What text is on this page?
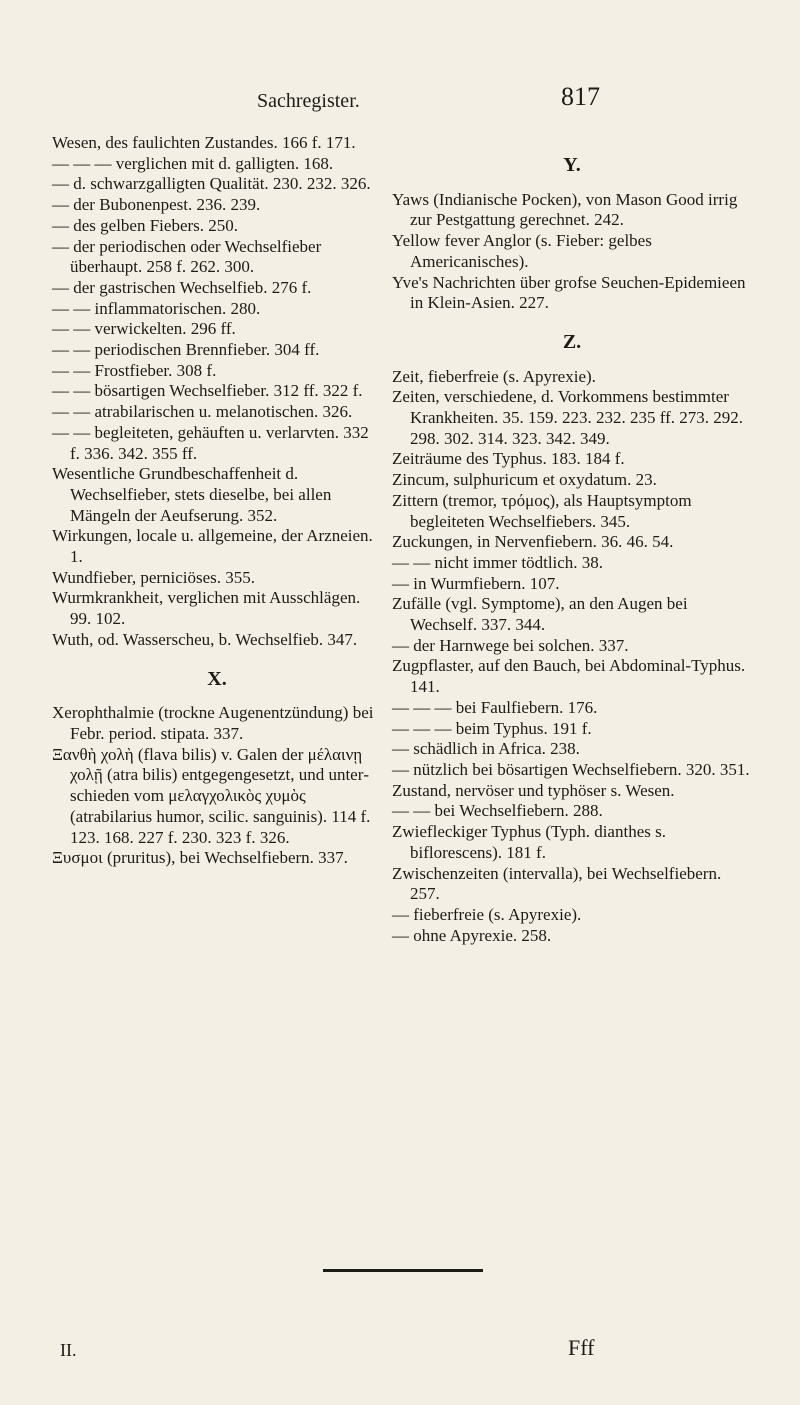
Sachregister.	817
Wesen, des faulichten Zustandes. 166 f. 171.
— — — verglichen mit d. galligten. 168.
— d. schwarzgalligten Qualität. 230. 232. 326.
— der Bubonenpest. 236. 239.
— des gelben Fiebers. 250.
— der periodischen oder Wechselfieber überhaupt. 258 f. 262. 300.
— der gastrischen Wechselfieb. 276 f.
— — inflammatorischen. 280.
— — verwickelten. 296 ff.
— — periodischen Brennfieber. 304 ff.
— — Frostfieber. 308 f.
— — bösartigen Wechselfieber. 312 ff. 322 f.
— — atrabilarischen u. melanotischen. 326.
— — begleiteten, gehäuften u. verlarvten. 332 f. 336. 342. 355 ff.
Wesentliche Grundbeschaffenheit d. Wechselfieber, stets dieselbe, bei allen Mängeln der Aeufserung. 352.
Wirkungen, locale u. allgemeine, der Arzneien. 1.
Wundfieber, perniciöses. 355.
Wurmkrankheit, verglichen mit Ausschlägen. 99. 102.
Wuth, od. Wasserscheu, b. Wechselfieb. 347.
X.
Xerophthalmie (trockne Augenentzündung) bei Febr. period. stipata. 337.
Ξανθὴ χολὴ (flava bilis) v. Galen der μέλαινῃ χολῇ (atra bilis) entgegengesetzt, und unterschieden vom μελαγχολικὸς χυμὸς (atrabilarius humor, scilic. sanguinis). 114 f. 123. 168. 227 f. 230. 323 f. 326.
Ξυσμοι (pruritus), bei Wechselfiebern. 337.
Y.
Yaws (Indianische Pocken), von Mason Good irrig zur Pestgattung gerechnet. 242.
Yellow fever Anglor (s. Fieber: gelbes Americanisches).
Yve's Nachrichten über grofse Seuchen-Epidemieen in Klein-Asien. 227.
Z.
Zeit, fieberfreie (s. Apyrexie).
Zeiten, verschiedene, d. Vorkommens bestimmter Krankheiten. 35. 159. 223. 232. 235 ff. 273. 292. 298. 302. 314. 323. 342. 349.
Zeiträume des Typhus. 183. 184 f.
Zincum, sulphuricum et oxydatum. 23.
Zittern (tremor, τρόμος), als Hauptsymptom begleiteten Wechselfiebers. 345.
Zuckungen, in Nervenfiebern. 36. 46. 54.
— — nicht immer tödtlich. 38.
— in Wurmfiebern. 107.
Zufälle (vgl. Symptome), an den Augen bei Wechself. 337. 344.
— der Harnwege bei solchen. 337.
Zugpflaster, auf den Bauch, bei Abdominal-Typhus. 141.
— — — bei Faulfiebern. 176.
— — — beim Typhus. 191 f.
— schädlich in Africa. 238.
— nützlich bei bösartigen Wechselfiebern. 320. 351.
Zustand, nervöser und typhöser s. Wesen.
— — bei Wechselfiebern. 288.
Zwiefleckiger Typhus (Typh. dianthes s. biflorescens). 181 f.
Zwischenzeiten (intervalla), bei Wechselfiebern. 257.
— fieberfreie (s. Apyrexie).
— ohne Apyrexie. 258.
II.	Fff
